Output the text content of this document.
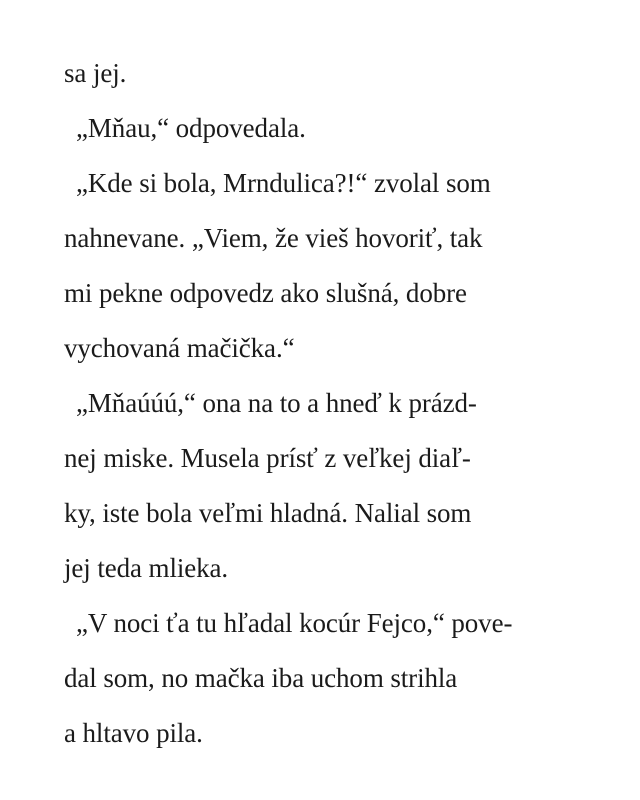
sa jej.
„Mňau,“ odpovedala.
„Kde si bola, Mrndulica?!“ zvolal som
nahnevane. „Viem, že vieš hovoriť, tak
mi pekne odpovedz ako slušná, dobre
vychovaná mačička.“
„Mňaúúú,“ ona na to a hneď k prázd-
nej miske. Musela prísť z veľkej diaľ-
ky, iste bola veľmi hladná. Nalial som
jej teda mlieka.
„V noci ťa tu hľadal kocúr Fejco,“ pove-
dal som, no mačka iba uchom strihla
a hltavo pila.
